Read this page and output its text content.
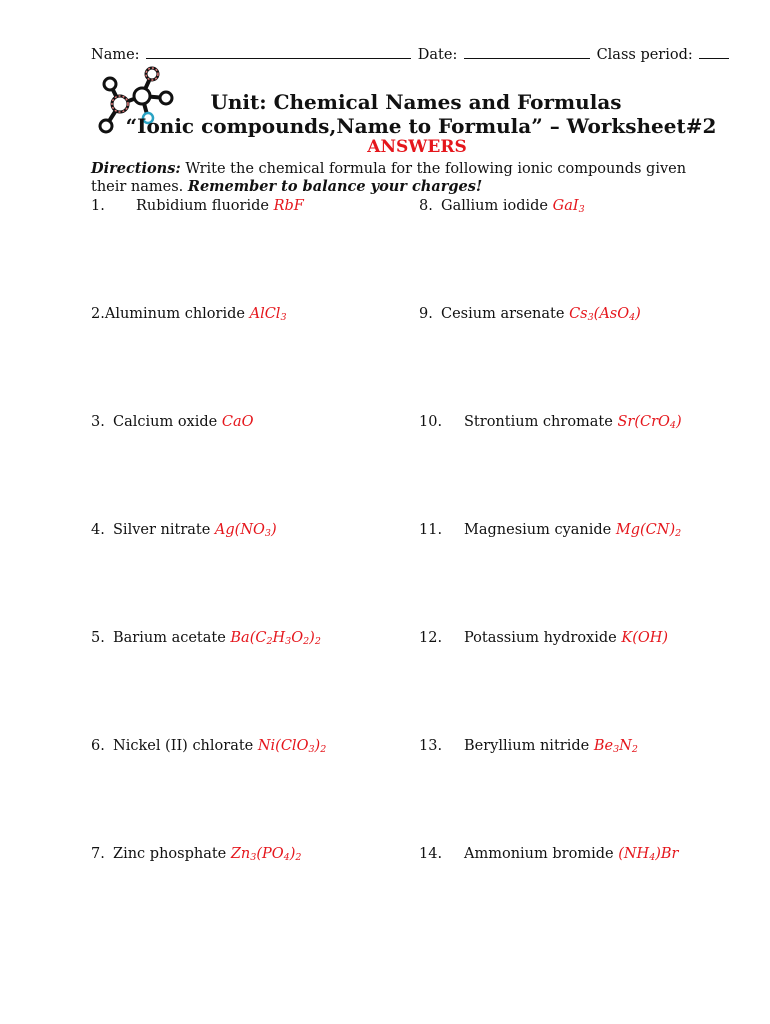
Name:	Date:	Class period:
Unit: Chemical Names and Formulas
“Ionic compounds,Name to Formula” – Worksheet#2
ANSWERS
Directions: Write the chemical formula for the following ionic compounds given their names. Remember to balance your charges!
1. Rubidium fluoride RbF
2.Aluminum chloride AlCl$_3$
3. Calcium oxide CaO
4. Silver nitrate $Ag(NO_3)$
5. Barium acetate $Ba(C_2H_3O_2)_2$
6. Nickel (II) chlorate $Ni(ClO_3)_2$
7. Zinc phosphate $Zn_3(PO_4)_2$
8. Gallium iodide GaI$_3$
9. Cesium arsenate $Cs_3(AsO_4)$
10. Strontium chromate Sr(CrO$_4$)
11. Magnesium cyanide $Mg(CN)_2$
12. Potassium hydroxide K(OH)
13. Beryllium nitride $Be_3N_2$
14. Ammonium bromide $(NH_4)Br$
